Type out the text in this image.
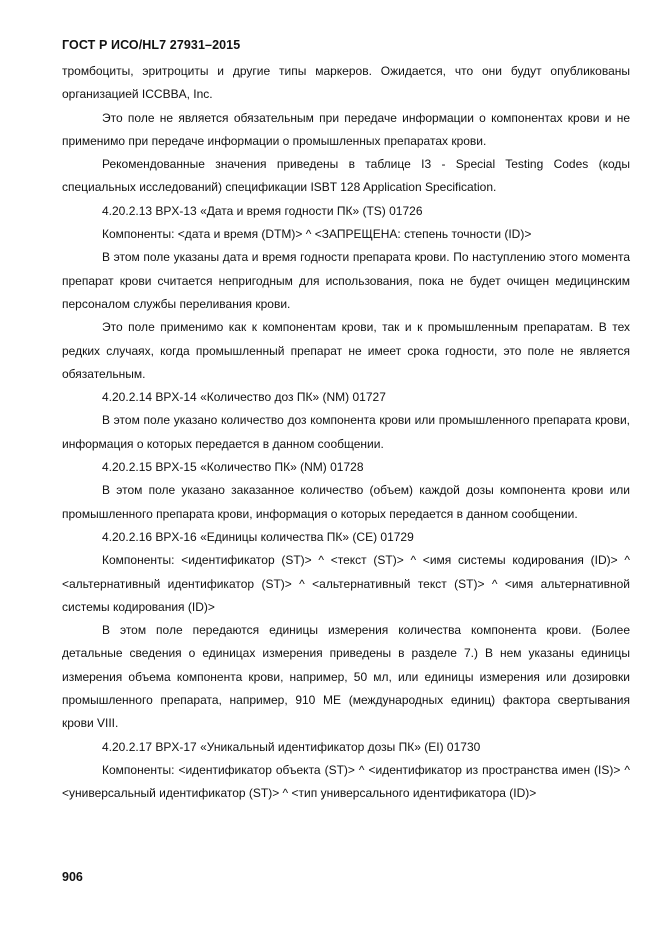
ГОСТ Р ИСО/HL7 27931–2015

тромбоциты, эритроциты и другие типы маркеров. Ожидается, что они будут опубликованы организацией ICCBBA, Inc.

Это поле не является обязательным при передаче информации о компонентах крови и не применимо при передаче информации о промышленных препаратах крови.

Рекомендованные значения приведены в таблице I3 - Special Testing Codes (коды специальных исследований) спецификации ISBT 128 Application Specification.

4.20.2.13 BPX-13 «Дата и время годности ПК» (TS) 01726

Компоненты: <дата и время (DTM)> ^ <ЗАПРЕЩЕНА: степень точности (ID)>

В этом поле указаны дата и время годности препарата крови. По наступлению этого момента препарат крови считается непригодным для использования, пока не будет очищен медицинским персоналом службы переливания крови.

Это поле применимо как к компонентам крови, так и к промышленным препаратам. В тех редких случаях, когда промышленный препарат не имеет срока годности, это поле не является обязательным.

4.20.2.14 BPX-14 «Количество доз ПК» (NM) 01727

В этом поле указано количество доз компонента крови или промышленного препарата крови, информация о которых передается в данном сообщении.

4.20.2.15 BPX-15 «Количество ПК» (NM) 01728

В этом поле указано заказанное количество (объем) каждой дозы компонента крови или промышленного препарата крови, информация о которых передается в данном сообщении.

4.20.2.16 BPX-16 «Единицы количества ПК» (CE) 01729

Компоненты: <идентификатор (ST)> ^ <текст (ST)> ^ <имя системы кодирования (ID)> ^ <альтернативный идентификатор (ST)> ^ <альтернативный текст (ST)> ^ <имя альтернативной системы кодирования (ID)>

В этом поле передаются единицы измерения количества компонента крови. (Более детальные сведения о единицах измерения приведены в разделе 7.) В нем указаны единицы измерения объема компонента крови, например, 50 мл, или единицы измерения или дозировки промышленного препарата, например, 910 МЕ (международных единиц) фактора свертывания крови VIII.

4.20.2.17 BPX-17 «Уникальный идентификатор дозы ПК» (EI) 01730

Компоненты: <идентификатор объекта (ST)> ^ <идентификатор из пространства имен (IS)> ^ <универсальный идентификатор (ST)> ^ <тип универсального идентификатора (ID)>

906
